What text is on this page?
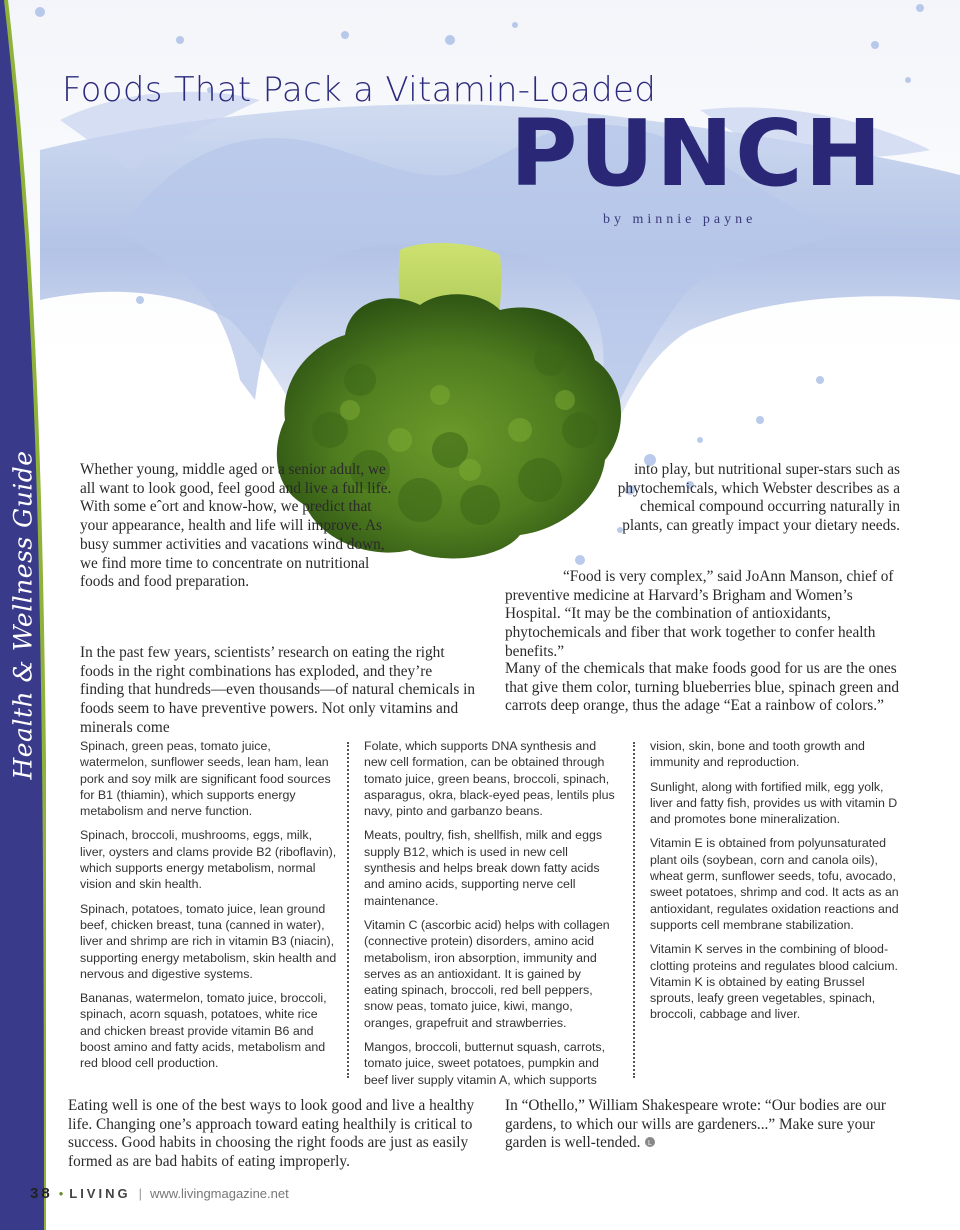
Health & Wellness Guide
Foods That Pack a Vitamin-Loaded
PUNCH
by minnie payne

Whether young, middle aged or a senior adult, we all want to look good, feel good and live a full life. With some eˆort and know-how, we predict that your appearance, health and life will improve. As busy summer activities and vacations wind down, we find more time to concentrate on nutritional foods and food preparation.

into play, but nutritional super-stars such as phytochemicals, which Webster describes as a chemical compound occurring naturally in plants, can greatly impact your dietary needs.

In the past few years, scientists’ research on eating the right foods in the right combinations has exploded, and they’re finding that hundreds—even thousands—of natural chemicals in foods seem to have preventive powers. Not only vitamins and minerals come

“Food is very complex,” said JoAnn Manson, chief of preventive medicine at Harvard’s Brigham and Women’s Hospital. “It may be the combination of antioxidants, phytochemicals and fiber that work together to confer health benefits.”

Many of the chemicals that make foods good for us are the ones that give them color, turning blueberries blue, spinach green and carrots deep orange, thus the adage “Eat a rainbow of colors.”

Spinach, green peas, tomato juice, watermelon, sunflower seeds, lean ham, lean pork and soy milk are significant food sources for B1 (thiamin), which supports energy metabolism and nerve function.

Spinach, broccoli, mushrooms, eggs, milk, liver, oysters and clams provide B2 (riboflavin), which supports energy metabolism, normal vision and skin health.

Spinach, potatoes, tomato juice, lean ground beef, chicken breast, tuna (canned in water), liver and shrimp are rich in vitamin B3 (niacin), supporting energy metabolism, skin health and nervous and digestive systems.

Bananas, watermelon, tomato juice, broccoli, spinach, acorn squash, potatoes, white rice and chicken breast provide vitamin B6 and boost amino and fatty acids, metabolism and red blood cell production.

Folate, which supports DNA synthesis and new cell formation, can be obtained through tomato juice, green beans, broccoli, spinach, asparagus, okra, black-eyed peas, lentils plus navy, pinto and garbanzo beans.

Meats, poultry, fish, shellfish, milk and eggs supply B12, which is used in new cell synthesis and helps break down fatty acids and amino acids, supporting nerve cell maintenance.

Vitamin C (ascorbic acid) helps with collagen (connective protein) disorders, amino acid metabolism, iron absorption, immunity and serves as an antioxidant. It is gained by eating spinach, broccoli, red bell peppers, snow peas, tomato juice, kiwi, mango, oranges, grapefruit and strawberries.

Mangos, broccoli, butternut squash, carrots, tomato juice, sweet potatoes, pumpkin and beef liver supply vitamin A, which supports

vision, skin, bone and tooth growth and immunity and reproduction.

Sunlight, along with fortified milk, egg yolk, liver and fatty fish, provides us with vitamin D and promotes bone mineralization.

Vitamin E is obtained from polyunsaturated plant oils (soybean, corn and canola oils), wheat germ, sunflower seeds, tofu, avocado, sweet potatoes, shrimp and cod. It acts as an antioxidant, regulates oxidation reactions and supports cell membrane stabilization.

Vitamin K serves in the combining of blood-clotting proteins and regulates blood calcium. Vitamin K is obtained by eating Brussel sprouts, leafy green vegetables, spinach, broccoli, cabbage and liver.

Eating well is one of the best ways to look good and live a healthy life. Changing one’s approach toward eating healthily is critical to success. Good habits in choosing the right foods are just as easily formed as are bad habits of eating improperly.

In “Othello,” William Shakespeare wrote: “Our bodies are our gardens, to which our wills are gardeners...” Make sure your garden is well-tended. L

38 • LIVING | www.livingmagazine.net
